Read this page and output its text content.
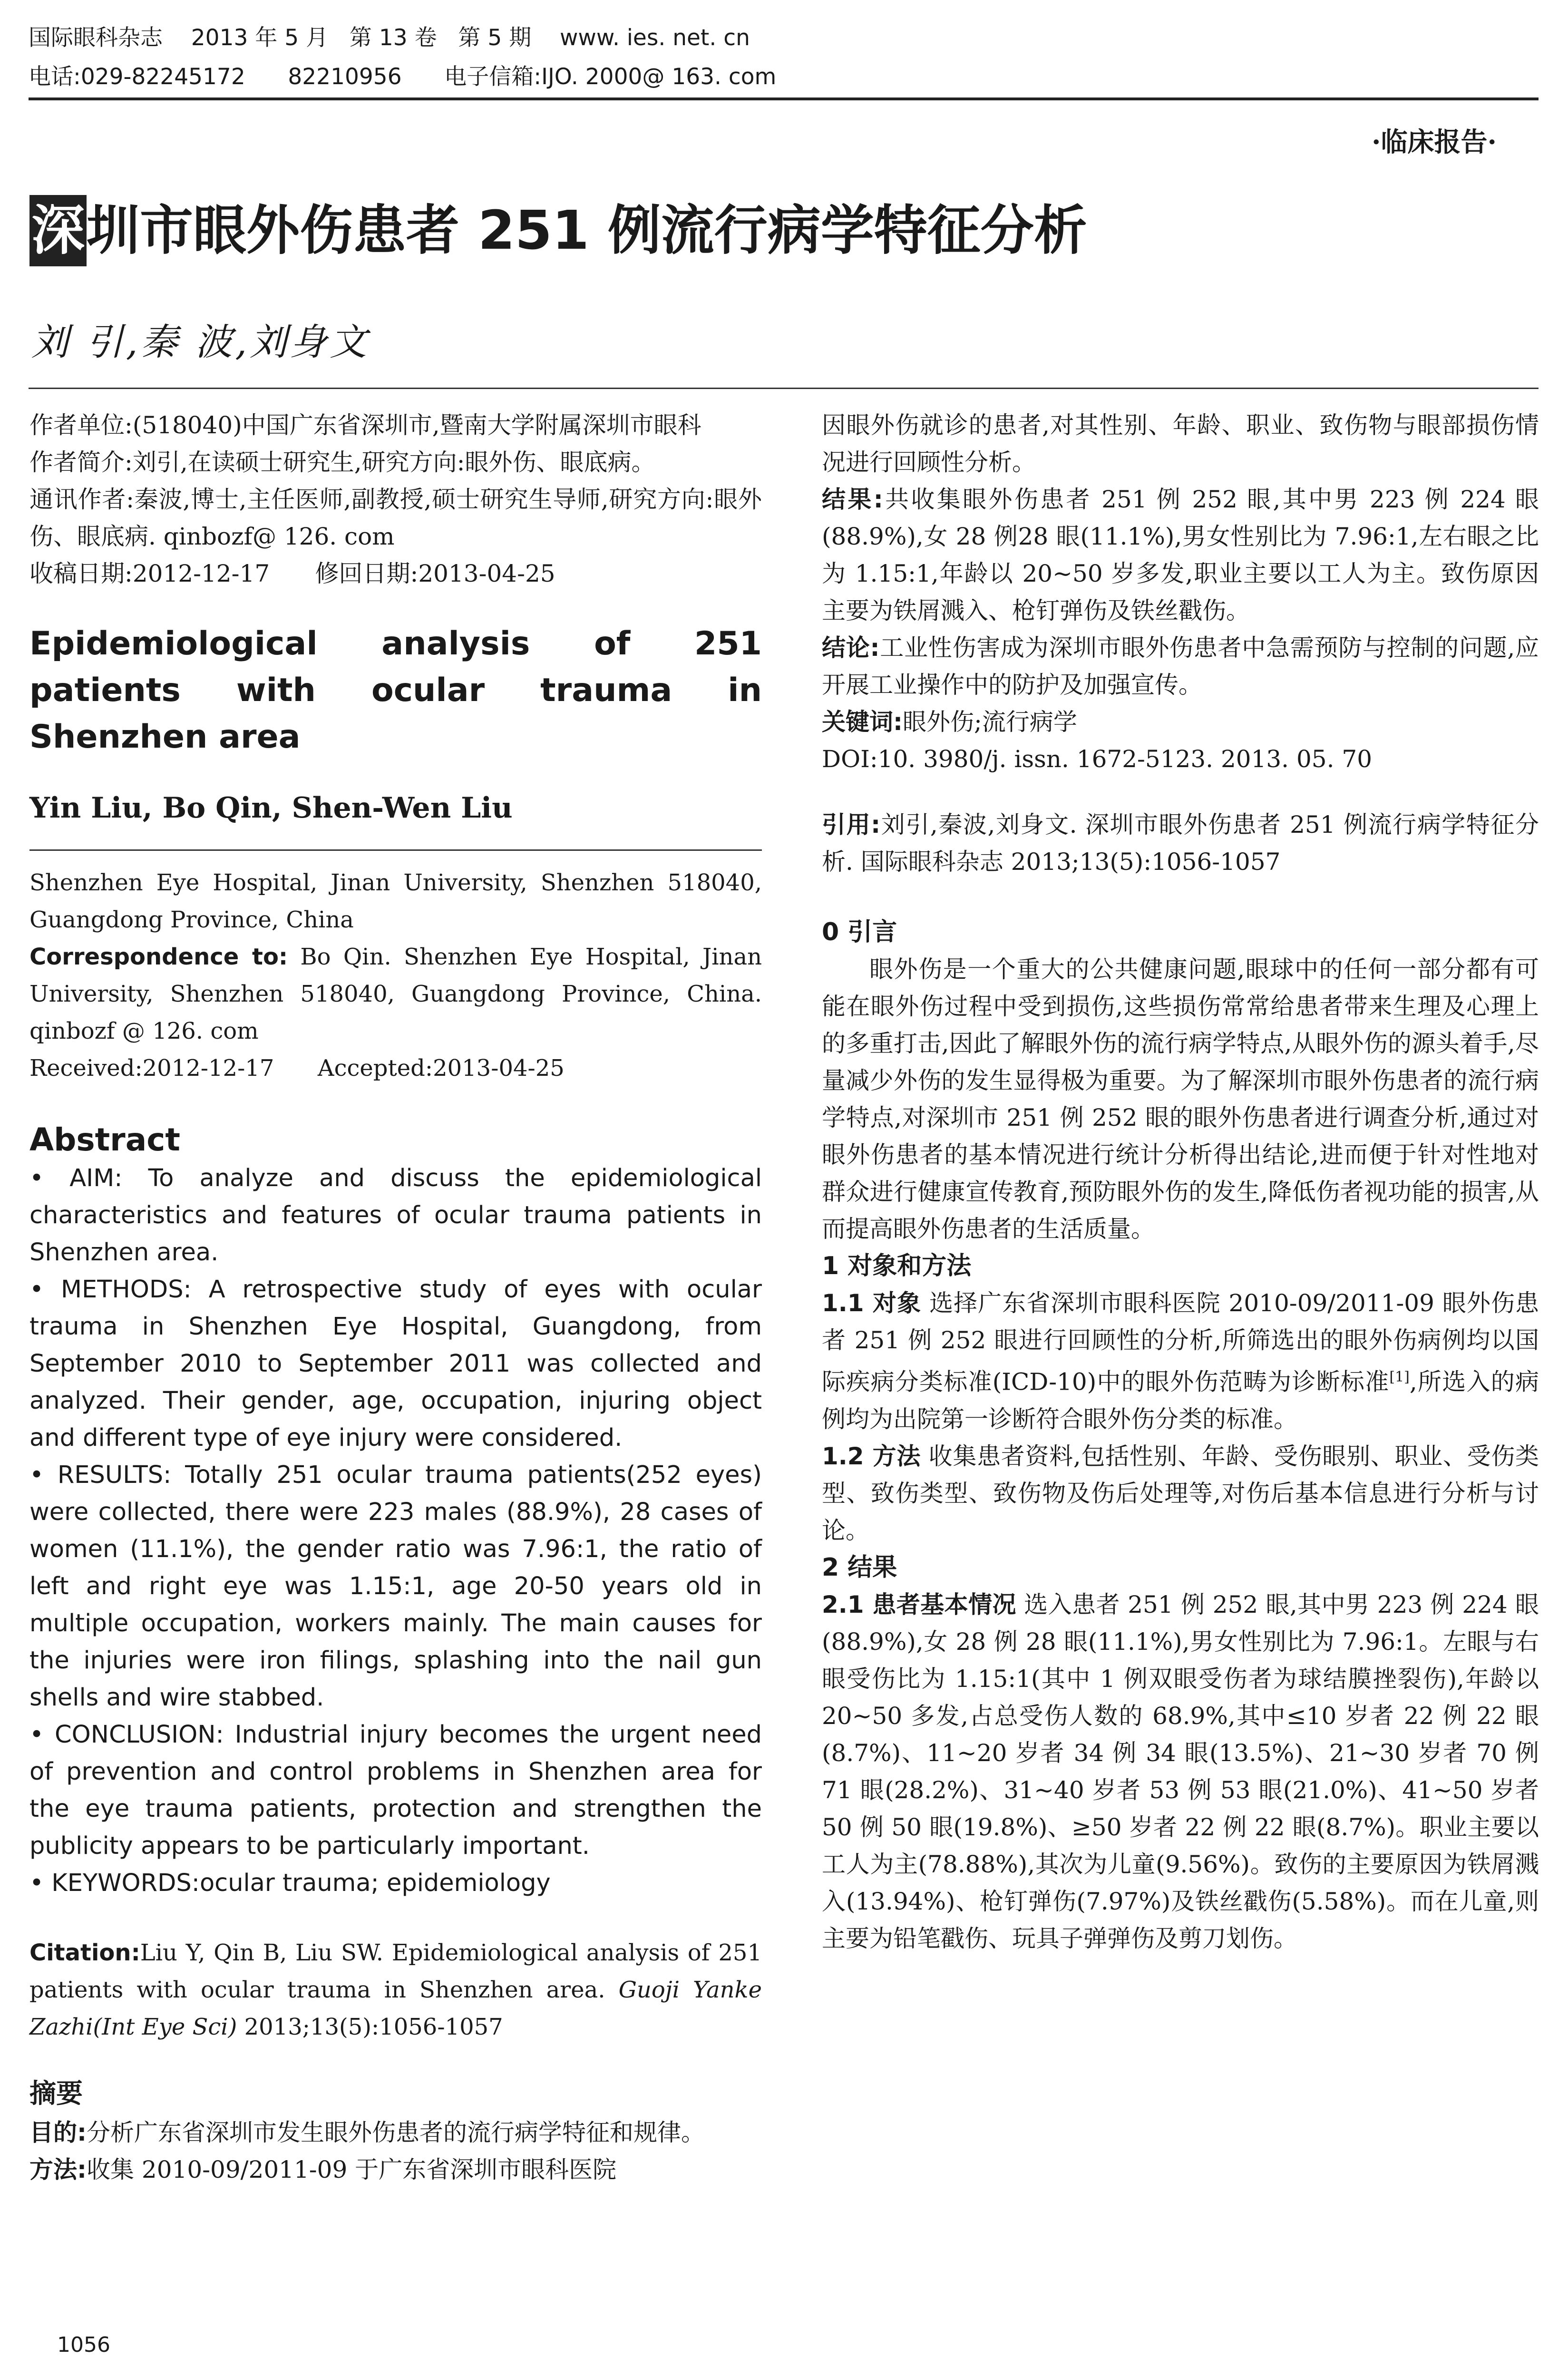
国际眼科杂志 2013 年 5 月   第 13 卷   第 5 期 www. ies. net. cn
电话:029-82245172 82210956 电子信箱:IJO. 2000@ 163. com
·临床报告·
深圳市眼外伤患者 251 例流行病学特征分析
刘 引,秦 波,刘身文

作者单位:(518040)中国广东省深圳市,暨南大学附属深圳市眼科

作者简介:刘引,在读硕士研究生,研究方向:眼外伤、眼底病。

通讯作者:秦波,博士,主任医师,副教授,硕士研究生导师,研究方向:眼外伤、眼底病. qinbozf@ 126. com

收稿日期:2012-12-17      修回日期:2013-04-25

Epidemiological analysis of 251 patients with ocular trauma in Shenzhen area
Yin Liu, Bo Qin, Shen-Wen Liu
Shenzhen Eye Hospital, Jinan University, Shenzhen 518040, Guangdong Province, China
Correspondence to: Bo Qin. Shenzhen Eye Hospital, Jinan University, Shenzhen 518040, Guangdong Province, China. qinbozf @ 126. com
Received:2012-12-17      Accepted:2013-04-25
Abstract

• AIM: To analyze and discuss the epidemiological characteristics and features of ocular trauma patients in Shenzhen area.

• METHODS: A retrospective study of eyes with ocular trauma in Shenzhen Eye Hospital, Guangdong, from September 2010 to September 2011 was collected and analyzed. Their gender, age, occupation, injuring object and different type of eye injury were considered.

• RESULTS: Totally 251 ocular trauma patients(252 eyes) were collected, there were 223 males (88.9%), 28 cases of women (11.1%), the gender ratio was 7.96:1, the ratio of left and right eye was 1.15:1, age 20-50 years old in multiple occupation, workers mainly. The main causes for the injuries were iron filings, splashing into the nail gun shells and wire stabbed.

• CONCLUSION: Industrial injury becomes the urgent need of prevention and control problems in Shenzhen area for the eye trauma patients, protection and strengthen the publicity appears to be particularly important.

• KEYWORDS:ocular trauma; epidemiology

Citation:Liu Y, Qin B, Liu SW. Epidemiological analysis of 251 patients with ocular trauma in Shenzhen area. Guoji Yanke Zazhi(Int Eye Sci) 2013;13(5):1056-1057
摘要

目的:分析广东省深圳市发生眼外伤患者的流行病学特征和规律。

方法:收集 2010-09/2011-09 于广东省深圳市眼科医院

因眼外伤就诊的患者,对其性别、年龄、职业、致伤物与眼部损伤情况进行回顾性分析。

结果:共收集眼外伤患者 251 例 252 眼,其中男 223 例 224 眼(88.9%),女 28 例28 眼(11.1%),男女性别比为 7.96:1,左右眼之比为 1.15:1,年龄以 20~50 岁多发,职业主要以工人为主。致伤原因主要为铁屑溅入、枪钉弹伤及铁丝戳伤。

结论:工业性伤害成为深圳市眼外伤患者中急需预防与控制的问题,应开展工业操作中的防护及加强宣传。

关键词:眼外伤;流行病学

DOI:10. 3980/j. issn. 1672-5123. 2013. 05. 70

引用:刘引,秦波,刘身文. 深圳市眼外伤患者 251 例流行病学特征分析. 国际眼科杂志 2013;13(5):1056-1057

0 引言

眼外伤是一个重大的公共健康问题,眼球中的任何一部分都有可能在眼外伤过程中受到损伤,这些损伤常常给患者带来生理及心理上的多重打击,因此了解眼外伤的流行病学特点,从眼外伤的源头着手,尽量减少外伤的发生显得极为重要。为了解深圳市眼外伤患者的流行病学特点,对深圳市 251 例 252 眼的眼外伤患者进行调查分析,通过对眼外伤患者的基本情况进行统计分析得出结论,进而便于针对性地对群众进行健康宣传教育,预防眼外伤的发生,降低伤者视功能的损害,从而提高眼外伤患者的生活质量。

1 对象和方法

1.1 对象 选择广东省深圳市眼科医院 2010-09/2011-09 眼外伤患者 251 例 252 眼进行回顾性的分析,所筛选出的眼外伤病例均以国际疾病分类标准(ICD-10)中的眼外伤范畴为诊断标准[1],所选入的病例均为出院第一诊断符合眼外伤分类的标准。

1.2 方法 收集患者资料,包括性别、年龄、受伤眼别、职业、受伤类型、致伤类型、致伤物及伤后处理等,对伤后基本信息进行分析与讨论。

2 结果

2.1 患者基本情况 选入患者 251 例 252 眼,其中男 223 例 224 眼(88.9%),女 28 例 28 眼(11.1%),男女性别比为 7.96:1。左眼与右眼受伤比为 1.15:1(其中 1 例双眼受伤者为球结膜挫裂伤),年龄以 20~50 多发,占总受伤人数的 68.9%,其中≤10 岁者 22 例 22 眼(8.7%)、11~20 岁者 34 例 34 眼(13.5%)、21~30 岁者 70 例 71 眼(28.2%)、31~40 岁者 53 例 53 眼(21.0%)、41~50 岁者 50 例 50 眼(19.8%)、≥50 岁者 22 例 22 眼(8.7%)。职业主要以工人为主(78.88%),其次为儿童(9.56%)。致伤的主要原因为铁屑溅入(13.94%)、枪钉弹伤(7.97%)及铁丝戳伤(5.58%)。而在儿童,则主要为铅笔戳伤、玩具子弹弹伤及剪刀划伤。

1056
